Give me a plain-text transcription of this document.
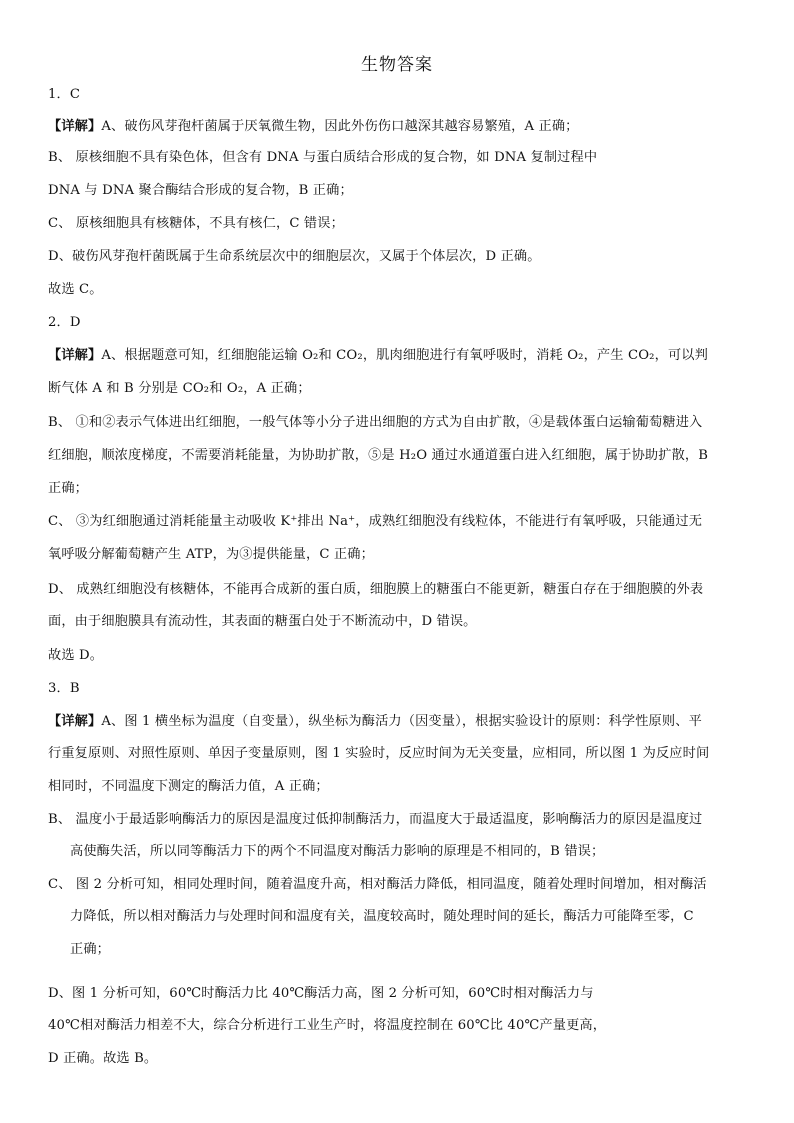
生物答案
1．C
【详解】A、破伤风芽孢杆菌属于厌氧微生物，因此外伤伤口越深其越容易繁殖，A 正确；
B、 原核细胞不具有染色体，但含有 DNA 与蛋白质结合形成的复合物，如 DNA 复制过程中
DNA 与 DNA 聚合酶结合形成的复合物，B 正确；
C、 原核细胞具有核糖体，不具有核仁，C 错误；
D、破伤风芽孢杆菌既属于生命系统层次中的细胞层次，又属于个体层次，D 正确。
故选 C。
2．D
【详解】A、根据题意可知，红细胞能运输 O₂和 CO₂，肌肉细胞进行有氧呼吸时，消耗 O₂，产生 CO₂，可以判
断气体 A 和 B 分别是 CO₂和 O₂，A 正确；
B、 ①和②表示气体进出红细胞，一般气体等小分子进出细胞的方式为自由扩散，④是载体蛋白运输葡萄糖进入
红细胞，顺浓度梯度，不需要消耗能量，为协助扩散，⑤是 H₂O 通过水通道蛋白进入红细胞，属于协助扩散，B
正确；
C、 ③为红细胞通过消耗能量主动吸收 K⁺排出 Na⁺，成熟红细胞没有线粒体，不能进行有氧呼吸，只能通过无
氧呼吸分解葡萄糖产生 ATP，为③提供能量，C 正确；
D、 成熟红细胞没有核糖体，不能再合成新的蛋白质，细胞膜上的糖蛋白不能更新，糖蛋白存在于细胞膜的外表
面，由于细胞膜具有流动性，其表面的糖蛋白处于不断流动中，D 错误。
故选 D。
3．B
【详解】A、图 1 横坐标为温度（自变量），纵坐标为酶活力（因变量），根据实验设计的原则：科学性原则、平
行重复原则、对照性原则、单因子变量原则，图 1 实验时，反应时间为无关变量，应相同，所以图 1 为反应时间
相同时，不同温度下测定的酶活力值，A 正确；
B、 温度小于最适影响酶活力的原因是温度过低抑制酶活力，而温度大于最适温度，影响酶活力的原因是温度过
高使酶失活，所以同等酶活力下的两个不同温度对酶活力影响的原理是不相同的，B 错误；
C、 图 2 分析可知，相同处理时间，随着温度升高，相对酶活力降低，相同温度，随着处理时间增加，相对酶活
力降低，所以相对酶活力与处理时间和温度有关，温度较高时，随处理时间的延长，酶活力可能降至零，C
正确；
D、图 1 分析可知，60℃时酶活力比 40℃酶活力高，图 2 分析可知，60℃时相对酶活力与
40℃相对酶活力相差不大，综合分析进行工业生产时，将温度控制在 60℃比 40℃产量更高，
D 正确。故选 B。
